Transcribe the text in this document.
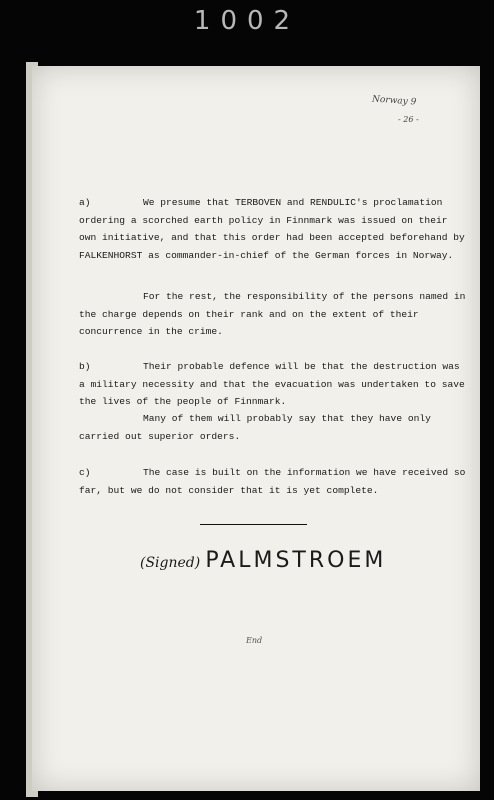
1002
Norway 9
- 26 -

a)	We presume that TERBOVEN and RENDULIC's proclamation ordering a scorched earth policy in Finnmark was issued on their own initiative, and that this order had been accepted beforehand by FALKENHORST as commander-in-chief of the German forces in Norway.

For the rest, the responsibility of the persons named in the charge depends on their rank and on the extent of their concurrence in the crime.

b)	Their probable defence will be that the destruction was a military necessity and that the evacuation was undertaken to save the lives of the people of Finnmark.

Many of them will probably say that they have only carried out superior orders.

c)	The case is built on the information we have received so far, but we do not consider that it is yet complete.

(Signed) PALMSTROEM
End
